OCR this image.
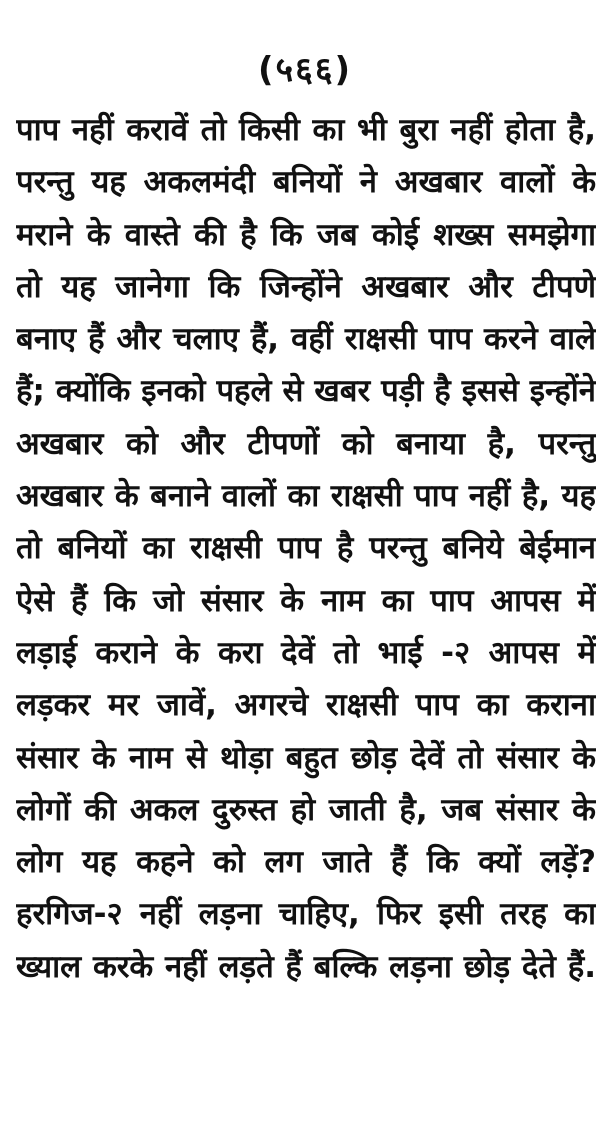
(५६६)
पाप नहीं करावें तो किसी का भी बुरा नहीं होता है,
परन्तु यह अकलमंदी बनियों ने अखबार वालों के
मराने के वास्ते की है कि जब कोई शख्स समझेगा
तो यह जानेगा कि जिन्होंने अखबार और टीपणे
बनाए हैं और चलाए हैं, वहीं राक्षसी पाप करने वाले
हैं; क्योंकि इनको पहले से खबर पड़ी है इससे इन्होंने
अखबार को और टीपणों को बनाया है, परन्तु
अखबार के बनाने वालों का राक्षसी पाप नहीं है, यह
तो बनियों का राक्षसी पाप है परन्तु बनिये बेईमान
ऐसे हैं कि जो संसार के नाम का पाप आपस में
लड़ाई कराने के करा देवें तो भाई -२ आपस में
लड़कर मर जावें, अगरचे राक्षसी पाप का कराना
संसार के नाम से थोड़ा बहुत छोड़ देवें तो संसार के
लोगों की अकल दुरुस्त हो जाती है, जब संसार के
लोग यह कहने को लग जाते हैं कि क्यों लड़ें?
हरगिज-२ नहीं लड़ना चाहिए, फिर इसी तरह का
ख्याल करके नहीं लड़ते हैं बल्कि लड़ना छोड़ देते हैं.
